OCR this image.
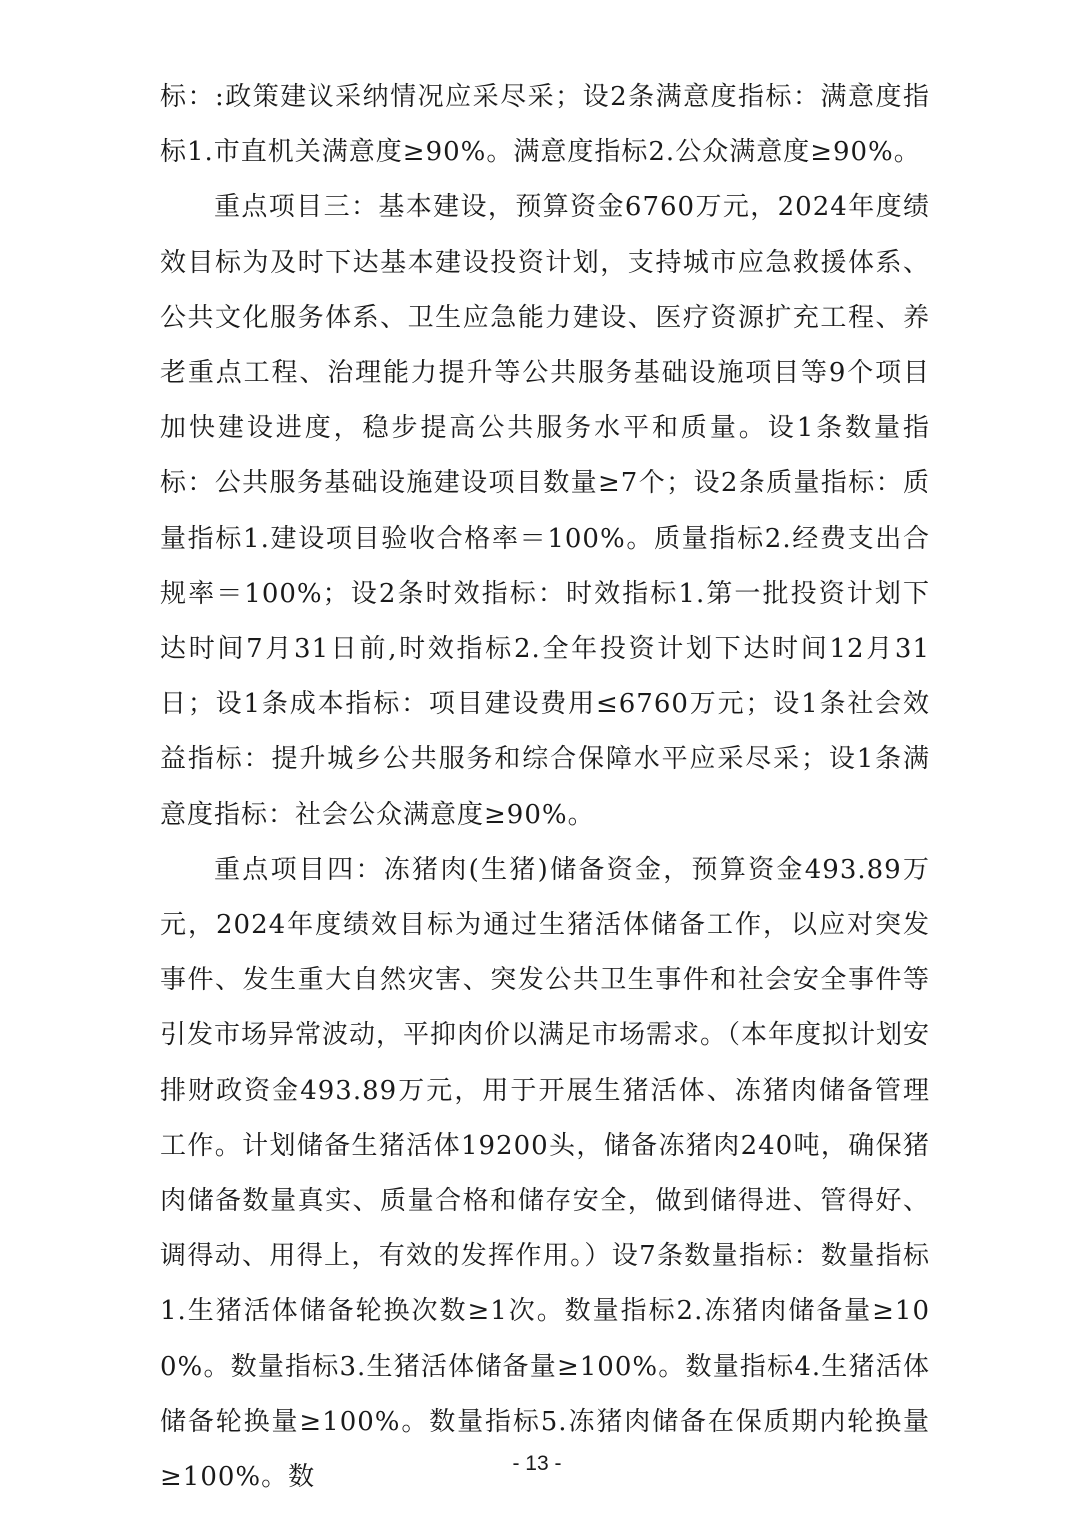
标：:政策建议采纳情况应采尽采；设2条满意度指标：满意度指标1.市直机关满意度≥90%。满意度指标2.公众满意度≥90%。

重点项目三：基本建设，预算资金6760万元，2024年度绩效目标为及时下达基本建设投资计划，支持城市应急救援体系、公共文化服务体系、卫生应急能力建设、医疗资源扩充工程、养老重点工程、治理能力提升等公共服务基础设施项目等9个项目加快建设进度，稳步提高公共服务水平和质量。设1条数量指标：公共服务基础设施建设项目数量≥7个；设2条质量指标：质量指标1.建设项目验收合格率＝100%。质量指标2.经费支出合规率＝100%；设2条时效指标：时效指标1.第一批投资计划下达时间7月31日前,时效指标2.全年投资计划下达时间12月31日；设1条成本指标：项目建设费用≤6760万元；设1条社会效益指标：提升城乡公共服务和综合保障水平应采尽采；设1条满意度指标：社会公众满意度≥90%。

重点项目四：冻猪肉(生猪)储备资金，预算资金493.89万元，2024年度绩效目标为通过生猪活体储备工作，以应对突发事件、发生重大自然灾害、突发公共卫生事件和社会安全事件等引发市场异常波动，平抑肉价以满足市场需求。（本年度拟计划安排财政资金493.89万元，用于开展生猪活体、冻猪肉储备管理工作。计划储备生猪活体19200头，储备冻猪肉240吨，确保猪肉储备数量真实、质量合格和储存安全，做到储得进、管得好、调得动、用得上，有效的发挥作用。）设7条数量指标：数量指标1.生猪活体储备轮换次数≥1次。数量指标2.冻猪肉储备量≥100%。数量指标3.生猪活体储备量≥100%。数量指标4.生猪活体储备轮换量≥100%。数量指标5.冻猪肉储备在保质期内轮换量≥100%。数	- 13 -
